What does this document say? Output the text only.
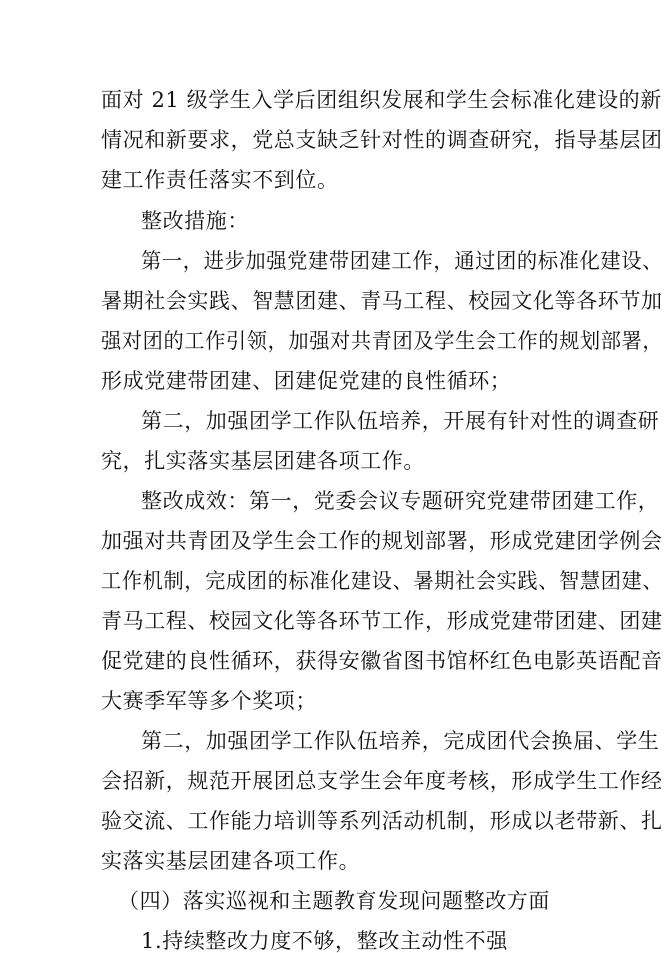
面对 21 级学生入学后团组织发展和学生会标准化建设的新
情况和新要求，党总支缺乏针对性的调查研究，指导基层团
建工作责任落实不到位。
整改措施：
第一，进步加强党建带团建工作，通过团的标准化建设、
暑期社会实践、智慧团建、青马工程、校园文化等各环节加
强对团的工作引领，加强对共青团及学生会工作的规划部署，
形成党建带团建、团建促党建的良性循环；
第二，加强团学工作队伍培养，开展有针对性的调查研
究，扎实落实基层团建各项工作。
整改成效：第一，党委会议专题研究党建带团建工作，
加强对共青团及学生会工作的规划部署，形成党建团学例会
工作机制，完成团的标准化建设、暑期社会实践、智慧团建、
青马工程、校园文化等各环节工作，形成党建带团建、团建
促党建的良性循环，获得安徽省图书馆杯红色电影英语配音
大赛季军等多个奖项；
第二，加强团学工作队伍培养，完成团代会换届、学生
会招新，规范开展团总支学生会年度考核，形成学生工作经
验交流、工作能力培训等系列活动机制，形成以老带新、扎
实落实基层团建各项工作。
（四）落实巡视和主题教育发现问题整改方面
1.持续整改力度不够，整改主动性不强
